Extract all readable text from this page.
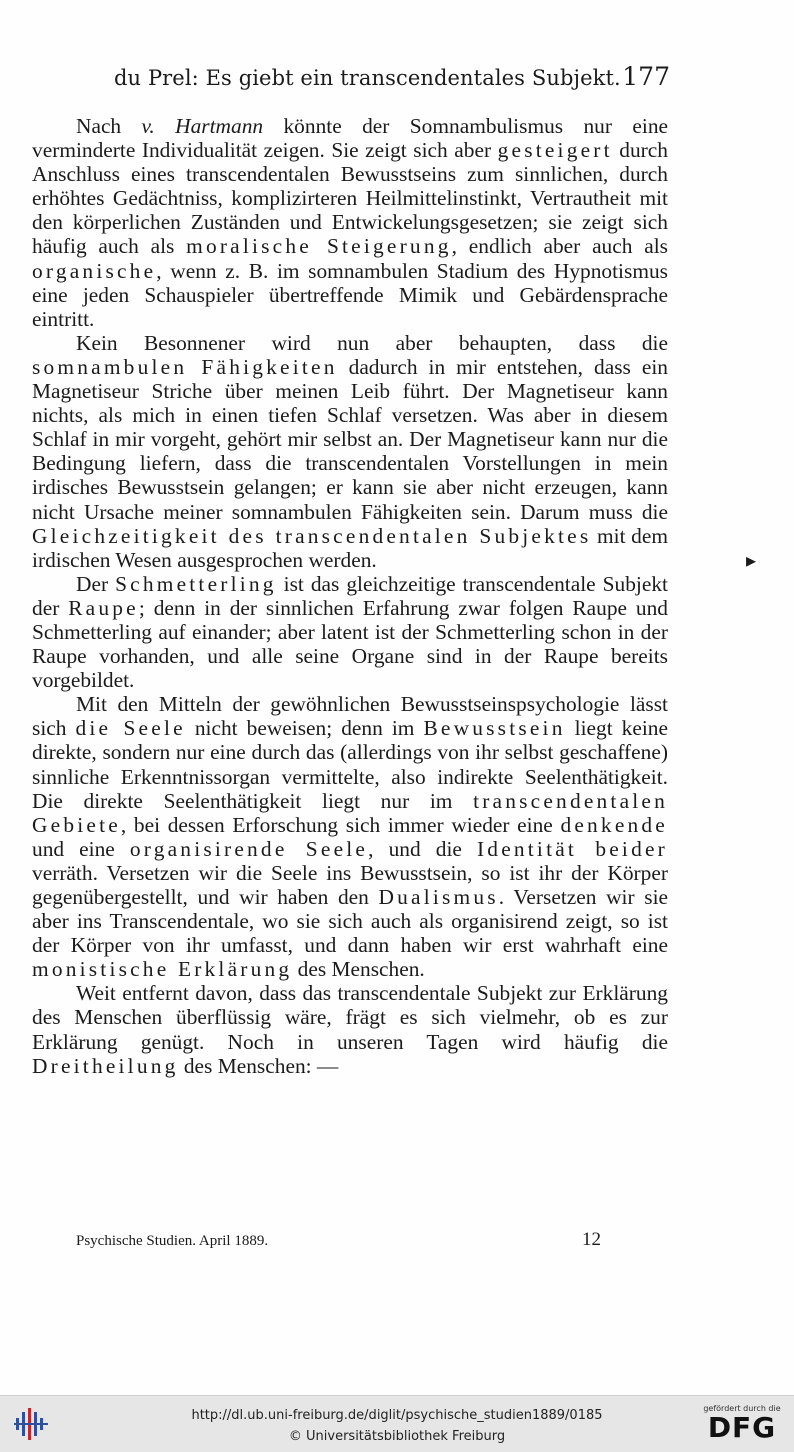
du Prel: Es giebt ein transcendentales Subjekt. 177

Nach v. Hartmann könnte der Somnambulismus nur eine verminderte Individualität zeigen. Sie zeigt sich aber gesteigert durch Anschluss eines transcendentalen Bewusstseins zum sinnlichen, durch erhöhtes Gedächtniss, komplizirteren Heilmittelinstinkt, Vertrautheit mit den körperlichen Zuständen und Entwickelungsgesetzen; sie zeigt sich häufig auch als moralische Steigerung, endlich aber auch als organische, wenn z. B. im somnambulen Stadium des Hypnotismus eine jeden Schauspieler übertreffende Mimik und Gebärdensprache eintritt.

Kein Besonnener wird nun aber behaupten, dass die somnambulen Fähigkeiten dadurch in mir entstehen, dass ein Magnetiseur Striche über meinen Leib führt. Der Magnetiseur kann nichts, als mich in einen tiefen Schlaf versetzen. Was aber in diesem Schlaf in mir vorgeht, gehört mir selbst an. Der Magnetiseur kann nur die Bedingung liefern, dass die transcendentalen Vorstellungen in mein irdisches Bewusstsein gelangen; er kann sie aber nicht erzeugen, kann nicht Ursache meiner somnambulen Fähigkeiten sein. Darum muss die Gleichzeitigkeit des transcendentalen Subjektes mit dem irdischen Wesen ausgesprochen werden.

Der Schmetterling ist das gleichzeitige transcendentale Subjekt der Raupe; denn in der sinnlichen Erfahrung zwar folgen Raupe und Schmetterling auf einander; aber latent ist der Schmetterling schon in der Raupe vorhanden, und alle seine Organe sind in der Raupe bereits vorgebildet.

Mit den Mitteln der gewöhnlichen Bewusstseinspsychologie lässt sich die Seele nicht beweisen; denn im Bewusstsein liegt keine direkte, sondern nur eine durch das (allerdings von ihr selbst geschaffene) sinnliche Erkenntnissorgan vermittelte, also indirekte Seelenthätigkeit. Die direkte Seelenthätigkeit liegt nur im transcendentalen Gebiete, bei dessen Erforschung sich immer wieder eine denkende und eine organisirende Seele, und die Identität beider verräth. Versetzen wir die Seele ins Bewusstsein, so ist ihr der Körper gegenübergestellt, und wir haben den Dualismus. Versetzen wir sie aber ins Transcendentale, wo sie sich auch als organisirend zeigt, so ist der Körper von ihr umfasst, und dann haben wir erst wahrhaft eine monistische Erklärung des Menschen.

Weit entfernt davon, dass das transcendentale Subjekt zur Erklärung des Menschen überflüssig wäre, frägt es sich vielmehr, ob es zur Erklärung genügt. Noch in unseren Tagen wird häufig die Dreitheilung des Menschen: —

▸
Psychische Studien. April 1889.	12
http://dl.ub.uni-freiburg.de/diglit/psychische_studien1889/0185
© Universitätsbibliothek Freiburg
gefördert durch die
DFG
